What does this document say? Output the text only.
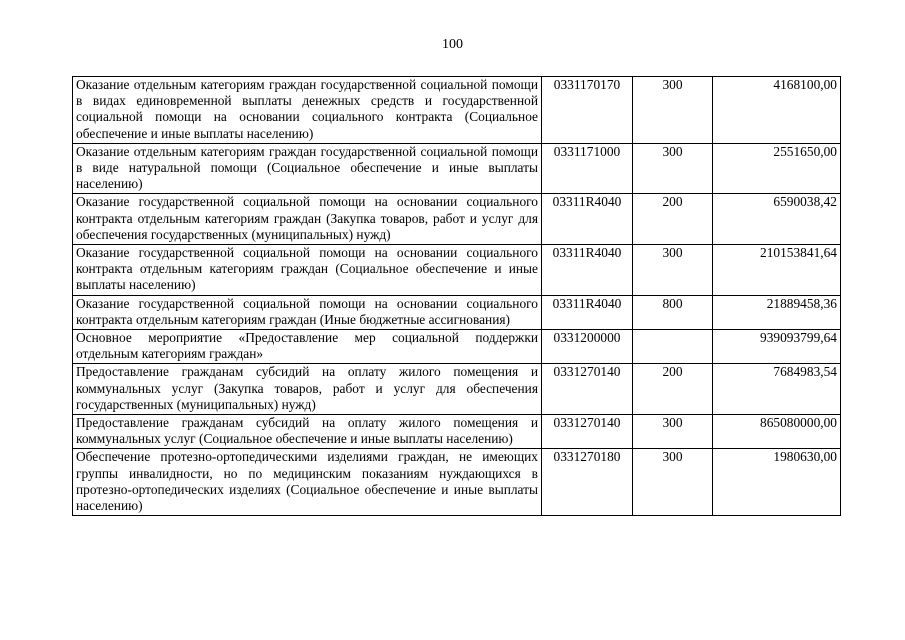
100
Оказание отдельным категориям граждан государственной социальной помощи в видах единовременной выплаты денежных средств и государственной социальной помощи на основании социального контракта (Социальное обеспечение и иные выплаты населению)	0331170170	300	4168100,00
Оказание отдельным категориям граждан государственной социальной помощи в виде натуральной помощи (Социальное обеспечение и иные выплаты населению)	0331171000	300	2551650,00
Оказание государственной социальной помощи на основании социального контракта отдельным категориям граждан (Закупка товаров, работ и услуг для обеспечения государственных (муниципальных) нужд)	03311R4040	200	6590038,42
Оказание государственной социальной помощи на основании социального контракта отдельным категориям граждан (Социальное обеспечение и иные выплаты населению)	03311R4040	300	210153841,64
Оказание государственной социальной помощи на основании социального контракта отдельным категориям граждан (Иные бюджетные ассигнования)	03311R4040	800	21889458,36
Основное мероприятие «Предоставление мер социальной поддержки отдельным категориям граждан»	0331200000		939093799,64
Предоставление гражданам субсидий на оплату жилого помещения и коммунальных услуг (Закупка товаров, работ и услуг для обеспечения государственных (муниципальных) нужд)	0331270140	200	7684983,54
Предоставление гражданам субсидий на оплату жилого помещения и коммунальных услуг (Социальное обеспечение и иные выплаты населению)	0331270140	300	865080000,00
Обеспечение протезно-ортопедическими изделиями граждан, не имеющих группы инвалидности, но по медицинским показаниям нуждающихся в протезно-ортопедических изделиях (Социальное обеспечение и иные выплаты населению)	0331270180	300	1980630,00
